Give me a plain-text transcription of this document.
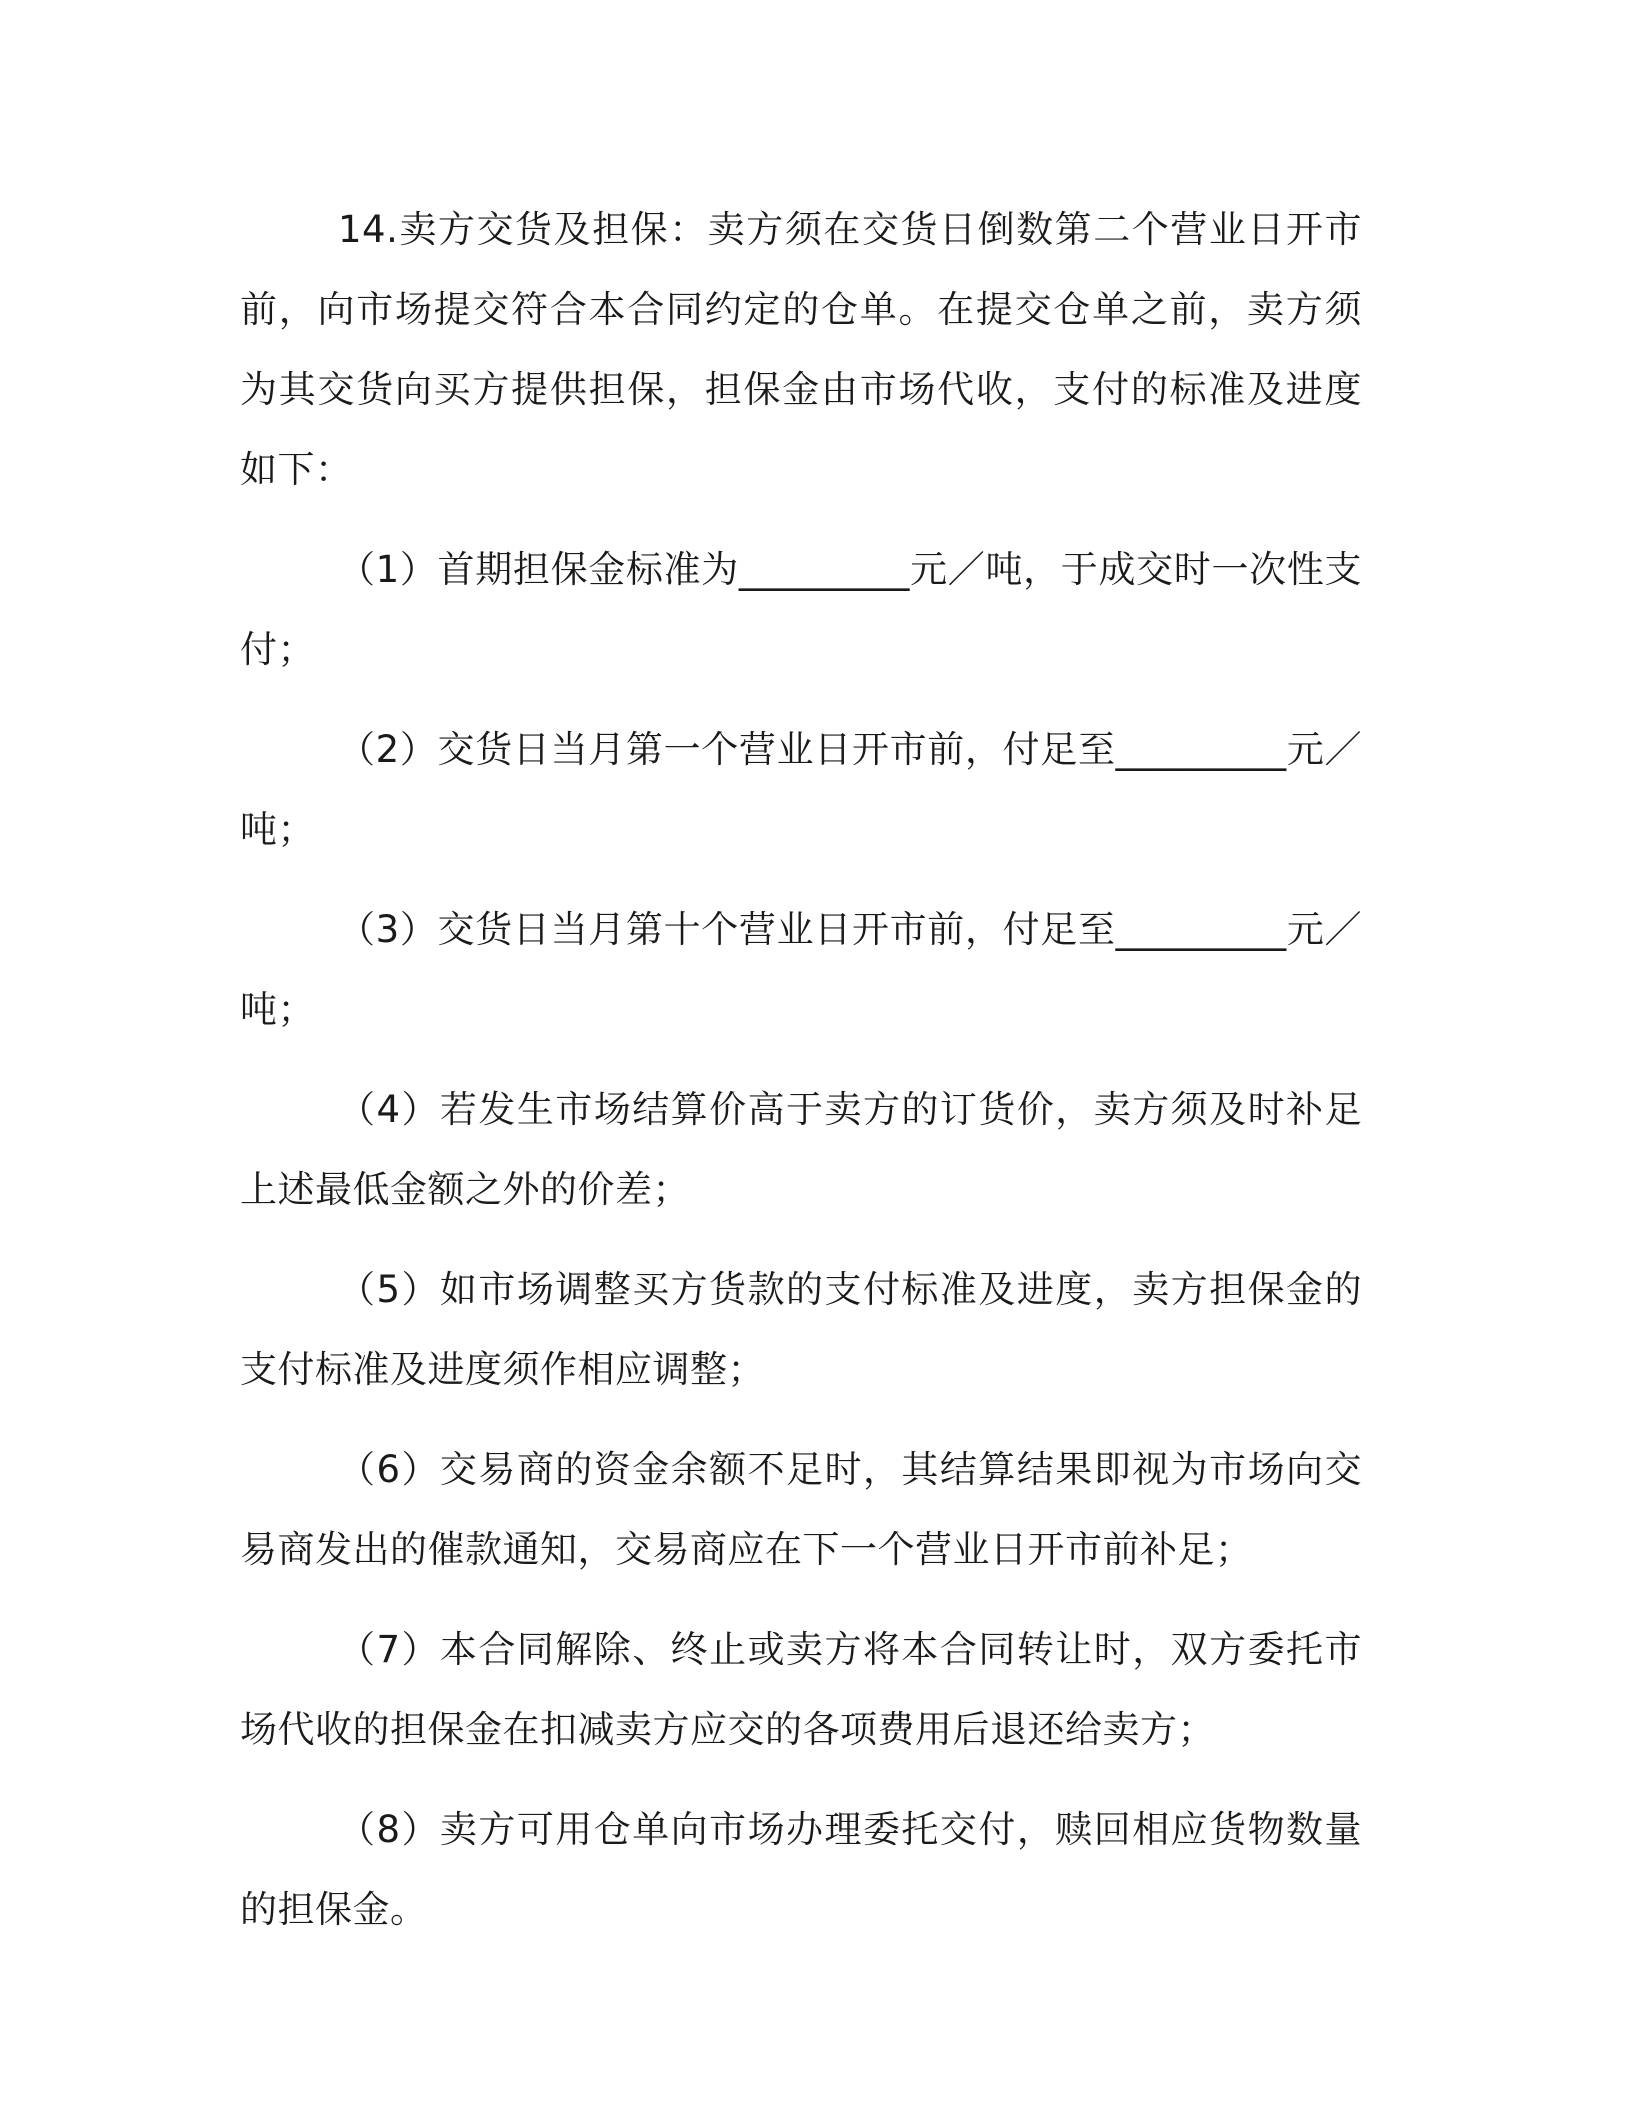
14.卖方交货及担保：卖方须在交货日倒数第二个营业日开市前，向市场提交符合本合同约定的仓单。在提交仓单之前，卖方须为其交货向买方提供担保，担保金由市场代收，支付的标准及进度如下：

（1）首期担保金标准为_________元／吨，于成交时一次性支付；

（2）交货日当月第一个营业日开市前，付足至_________元／吨；

（3）交货日当月第十个营业日开市前，付足至_________元／吨；

（4）若发生市场结算价高于卖方的订货价，卖方须及时补足上述最低金额之外的价差；

（5）如市场调整买方货款的支付标准及进度，卖方担保金的支付标准及进度须作相应调整；

（6）交易商的资金余额不足时，其结算结果即视为市场向交易商发出的催款通知，交易商应在下一个营业日开市前补足；

（7）本合同解除、终止或卖方将本合同转让时，双方委托市场代收的担保金在扣减卖方应交的各项费用后退还给卖方；

（8）卖方可用仓单向市场办理委托交付，赎回相应货物数量的担保金。
